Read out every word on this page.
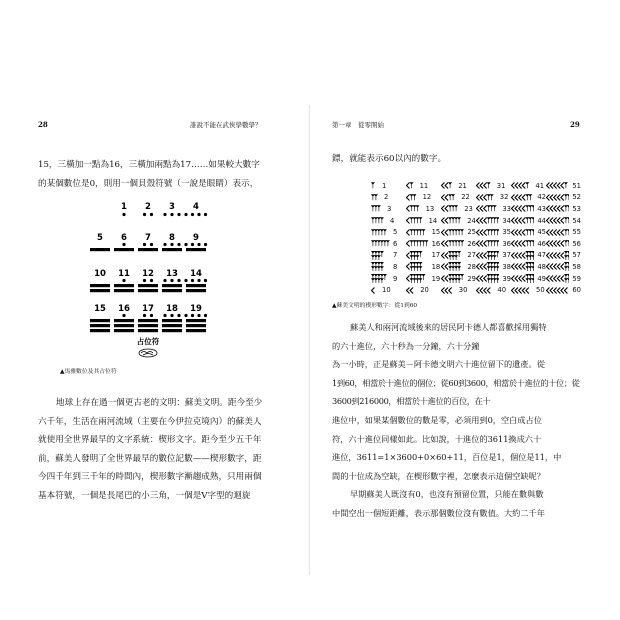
28	誰說不能在武俠學數學？

15，三橫加一點為16，三橫加兩點為17……如果較大數字
的某個數位是0，則用一個貝殼符號（一說是眼睛）表示，

1 2 3 4
5 6 7 8 9
10 11 12 13 14
15 16 17 18 19
占位符
▲馬雅數位及其占位符

地球上存在過一個更古老的文明：蘇美文明。距今至少
六千年，生活在兩河流域（主要在今伊拉克境內）的蘇美人
就使用全世界最早的文字系統：楔形文字。距今至少五千年
前，蘇美人發明了全世界最早的數位記數——楔形數字，距
今四千年到三千年的時間內，楔形數字漸趨成熟，只用兩個
基本符號，一個是長尾巴的小三角，一個是V字型的迴旋

第一章　從零開始	29

鏢，就能表示60以內的數字。

▲蘇美文明的楔形數字：從1到60

蘇美人和兩河流域後來的居民阿卡德人都喜歡採用獨特
的六十進位，六十秒為一分鐘，六十分鐘
為一小時，正是蘇美－阿卡德文明六十進位留下的遺產。從
1到60，相當於十進位的個位；從60到3600，相當於十進位的十位；從3600到216000，相當於十進位的百位，在十
進位中，如果某個數位的數是零，必須用到0，空白成占位
符，六十進位同樣如此。比如說，十進位的3611換成六十
進位，3611=1×3600+0×60+11，百位是1，個位是11，中
間的十位成為空缺，在楔形數字裡，怎麼表示這個空缺呢？
早期蘇美人既沒有0，也沒有預留位置，只能在數與數
中間空出一個短距離，表示那個數位沒有數值。大約二千年

1	11	21	31	41	51
2	12	22	32	42	52
3	13	23	33	43	53
4	14	24	34	44	54
5	15	25	35	45	55
6	16	26	36	46	56
7	17	27	37	47	57
8	18	28	38	48	58
9	19	29	39	49	59
10	20	30	40	50	60
